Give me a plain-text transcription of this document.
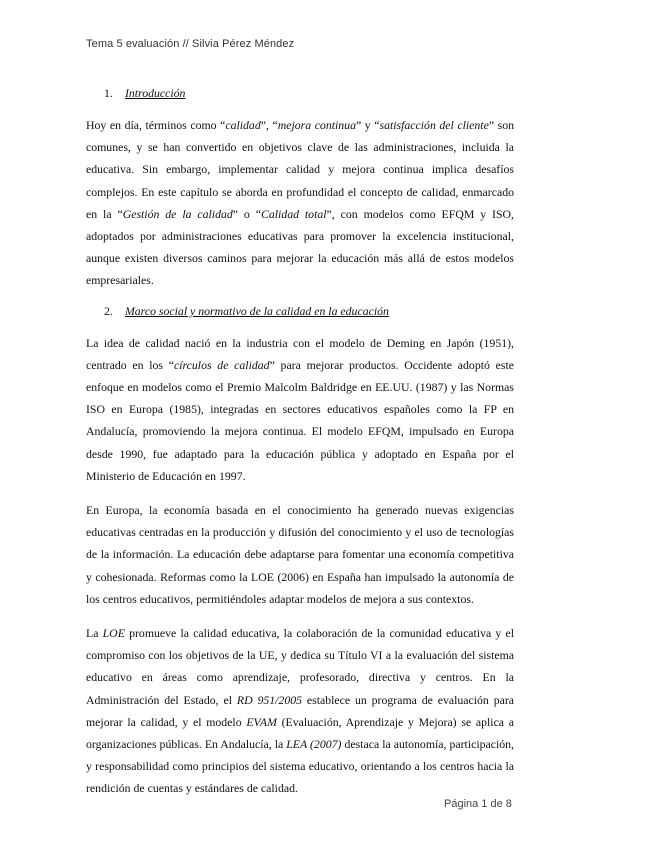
Tema 5 evaluación // Silvia Pérez Méndez
1. Introducción

Hoy en día, términos como “calidad”, “mejora continua” y “satisfacción del cliente” son comunes, y se han convertido en objetivos clave de las administraciones, incluida la educativa. Sin embargo, implementar calidad y mejora continua implica desafíos complejos. En este capítulo se aborda en profundidad el concepto de calidad, enmarcado en la “Gestión de la calidad” o “Calidad total”, con modelos como EFQM y ISO, adoptados por administraciones educativas para promover la excelencia institucional, aunque existen diversos caminos para mejorar la educación más allá de estos modelos empresariales.

2. Marco social y normativo de la calidad en la educación

La idea de calidad nació en la industria con el modelo de Deming en Japón (1951), centrado en los “círculos de calidad” para mejorar productos. Occidente adoptó este enfoque en modelos como el Premio Malcolm Baldridge en EE.UU. (1987) y las Normas ISO en Europa (1985), integradas en sectores educativos españoles como la FP en Andalucía, promoviendo la mejora continua. El modelo EFQM, impulsado en Europa desde 1990, fue adaptado para la educación pública y adoptado en España por el Ministerio de Educación en 1997.

En Europa, la economía basada en el conocimiento ha generado nuevas exigencias educativas centradas en la producción y difusión del conocimiento y el uso de tecnologías de la información. La educación debe adaptarse para fomentar una economía competitiva y cohesionada. Reformas como la LOE (2006) en España han impulsado la autonomía de los centros educativos, permitiéndoles adaptar modelos de mejora a sus contextos.

La LOE promueve la calidad educativa, la colaboración de la comunidad educativa y el compromiso con los objetivos de la UE, y dedica su Título VI a la evaluación del sistema educativo en áreas como aprendizaje, profesorado, directiva y centros. En la Administración del Estado, el RD 951/2005 establece un programa de evaluación para mejorar la calidad, y el modelo EVAM (Evaluación, Aprendizaje y Mejora) se aplica a organizaciones públicas. En Andalucía, la LEA (2007) destaca la autonomía, participación, y responsabilidad como principios del sistema educativo, orientando a los centros hacia la rendición de cuentas y estándares de calidad.

Página 1 de 8
